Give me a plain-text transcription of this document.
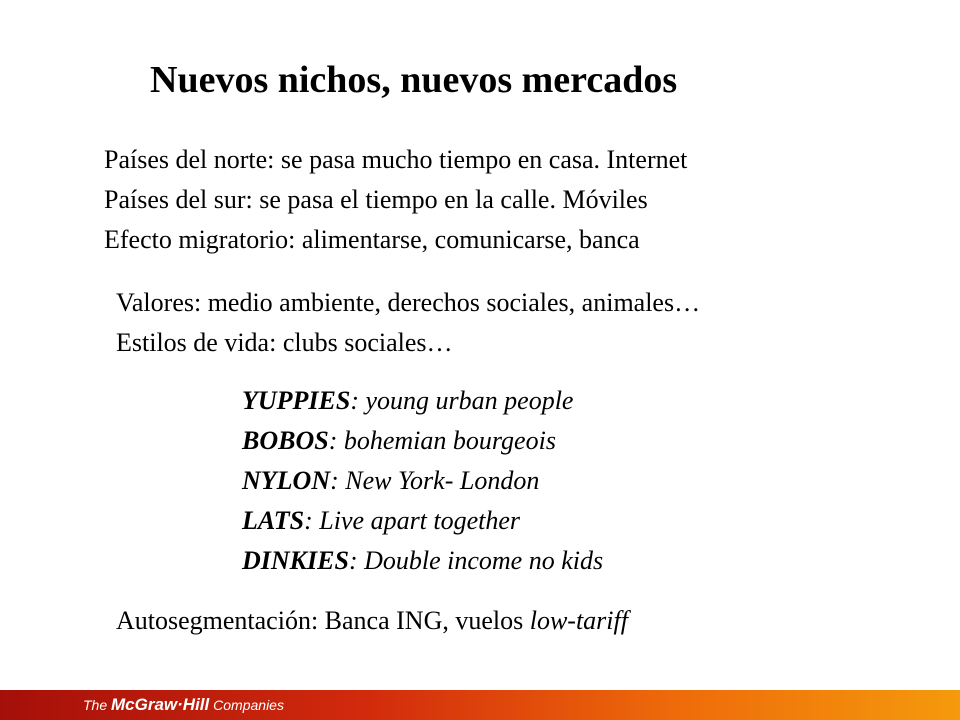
Nuevos nichos, nuevos mercados
Países del norte: se pasa mucho tiempo en casa. Internet
Países del sur: se pasa el tiempo en la calle. Móviles
Efecto migratorio: alimentarse, comunicarse, banca
Valores: medio ambiente, derechos sociales, animales…
Estilos de vida: clubs sociales…
YUPPIES: young urban people
BOBOS: bohemian bourgeois
NYLON: New York- London
LATS: Live apart together
DINKIES: Double income no kids
Autosegmentación: Banca ING, vuelos low-tariff
The McGraw·Hill Companies
